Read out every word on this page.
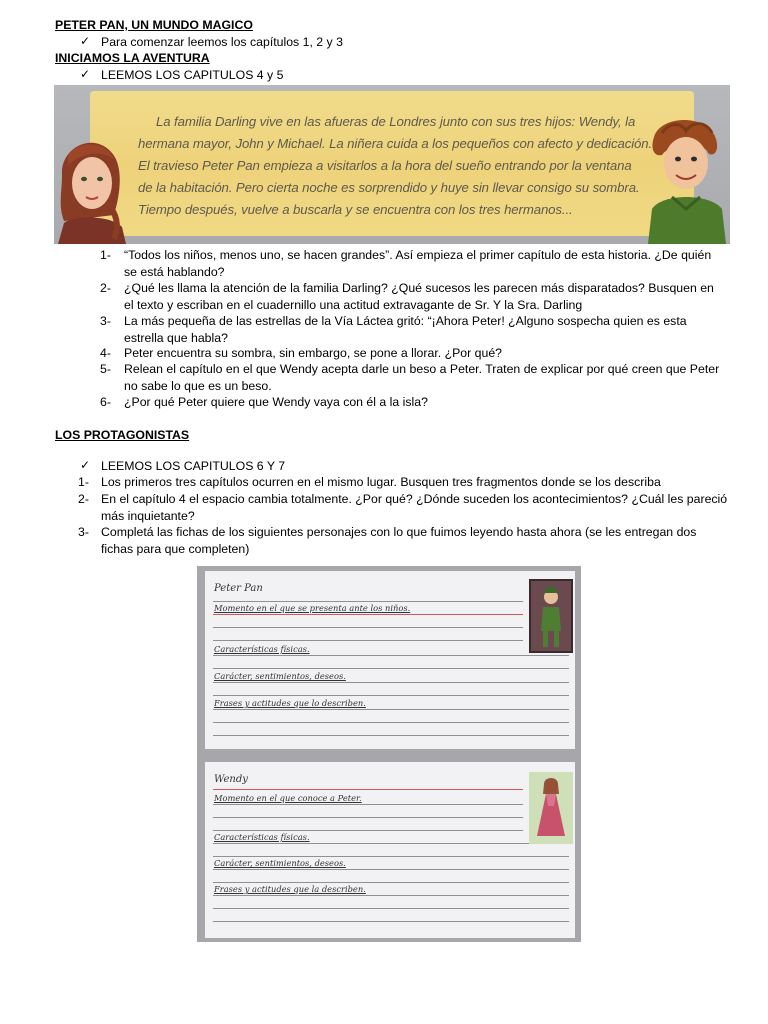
PETER PAN, UN MUNDO MAGICO
✓ Para comenzar leemos los capítulos 1, 2 y 3
INICIAMOS LA AVENTURA
✓ LEEMOS LOS CAPITULOS 4 y 5
La familia Darling vive en las afueras de Londres junto con sus tres hijos: Wendy, la
hermana mayor, John y Michael. La niñera cuida a los pequeños con afecto y dedicación.
El travieso Peter Pan empieza a visitarlos a la hora del sueño entrando por la ventana
de la habitación. Pero cierta noche es sorprendido y huye sin llevar consigo su sombra.
Tiempo después, vuelve a buscarla y se encuentra con los tres hermanos...
1- “Todos los niños, menos uno, se hacen grandes”. Así empieza el primer capítulo de esta historia. ¿De quién se está hablando?
2- ¿Qué les llama la atención de la familia Darling? ¿Qué sucesos les parecen más disparatados? Busquen en el texto y escriban en el cuadernillo una actitud extravagante de Sr. Y la Sra. Darling
3- La más pequeña de las estrellas de la Vía Láctea gritó: “¡Ahora Peter! ¿Alguno sospecha quien es esta estrella que habla?
4- Peter encuentra su sombra, sin embargo, se pone a llorar. ¿Por qué?
5- Relean el capítulo en el que Wendy acepta darle un beso a Peter. Traten de explicar por qué creen que Peter no sabe lo que es un beso.
6- ¿Por qué Peter quiere que Wendy vaya con él a la isla?
LOS PROTAGONISTAS
✓ LEEMOS LOS CAPITULOS 6 Y 7
1- Los primeros tres capítulos ocurren en el mismo lugar. Busquen tres fragmentos donde se los describa
2- En el capítulo 4 el espacio cambia totalmente. ¿Por qué? ¿Dónde suceden los acontecimientos? ¿Cuál les pareció más inquietante?
3- Completá las fichas de los siguientes personajes con lo que fuimos leyendo hasta ahora (se les entregan dos fichas para que completen)
Peter Pan
Momento en el que se presenta ante los niños.
Características físicas.
Carácter, sentimientos, deseos.
Frases y actitudes que lo describen.
Wendy
Momento en el que conoce a Peter.
Características físicas.
Carácter, sentimientos, deseos.
Frases y actitudes que la describen.
